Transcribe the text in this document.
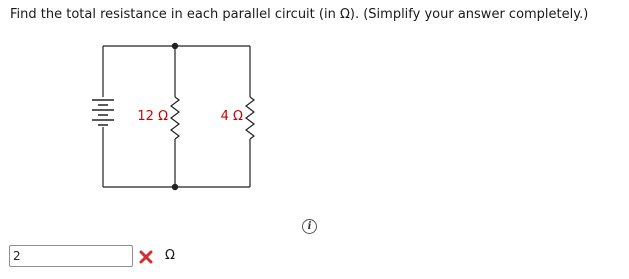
Find the total resistance in each parallel circuit (in Ω). (Simplify your answer completely.)
12 Ω	4 Ω
i
2
Ω
